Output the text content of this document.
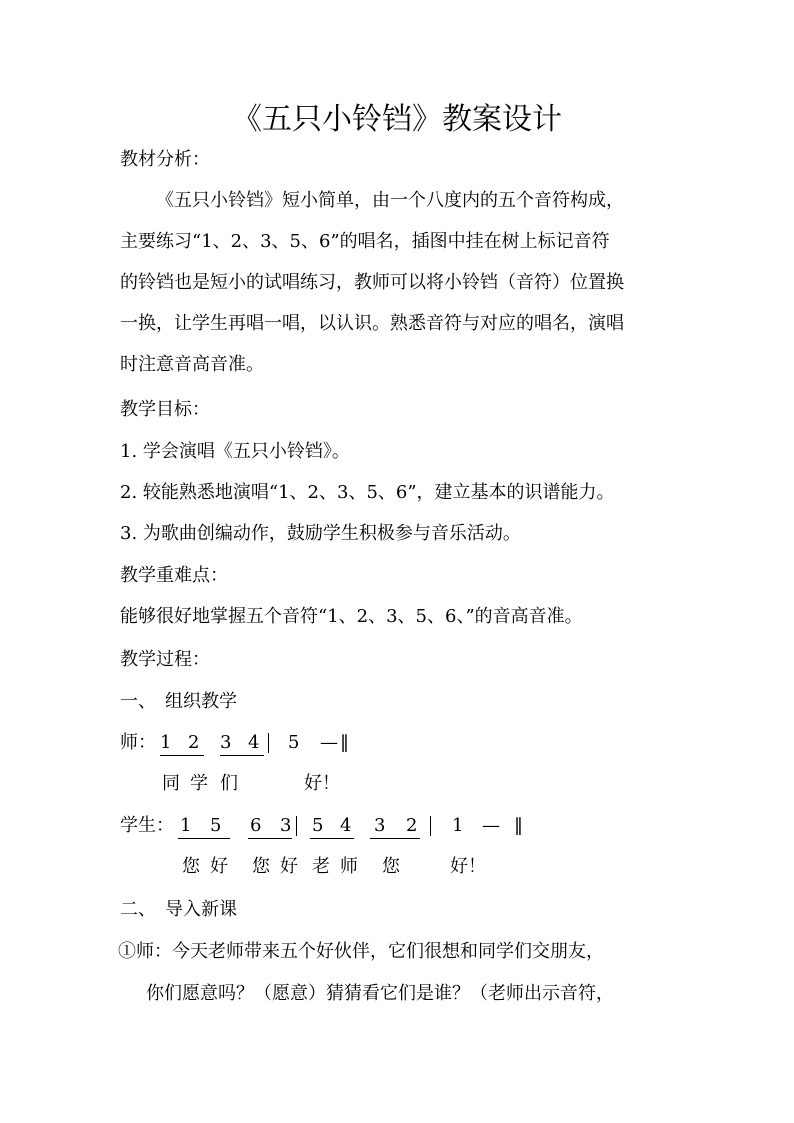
《五只小铃铛》教案设计
教材分析：
《五只小铃铛》短小简单，由一个八度内的五个音符构成，
主要练习“1、2、3、5、6”的唱名，插图中挂在树上标记音符
的铃铛也是短小的试唱练习，教师可以将小铃铛（音符）位置换
一换，让学生再唱一唱，以认识。熟悉音符与对应的唱名，演唱
时注意音高音准。
教学目标：
1. 学会演唱《五只小铃铛》。
2. 较能熟悉地演唱“1、2、3、5、6”，建立基本的识谱能力。
3. 为歌曲创编动作，鼓励学生积极参与音乐活动。
教学重难点：
能够很好地掌握五个音符“1、2、3、5、6、”的音高音准。
教学过程：
一、　组织教学
师： 1 2 3 4 5 — ‖
同 学 们	好！
学生： 1 5 6 3 5 4 3 2 1 — ‖
您 好 您 好 老 师 您	好！
二、　导入新课
①师：今天老师带来五个好伙伴，它们很想和同学们交朋友，
你们愿意吗？（愿意）猜猜看它们是谁？（老师出示音符，
